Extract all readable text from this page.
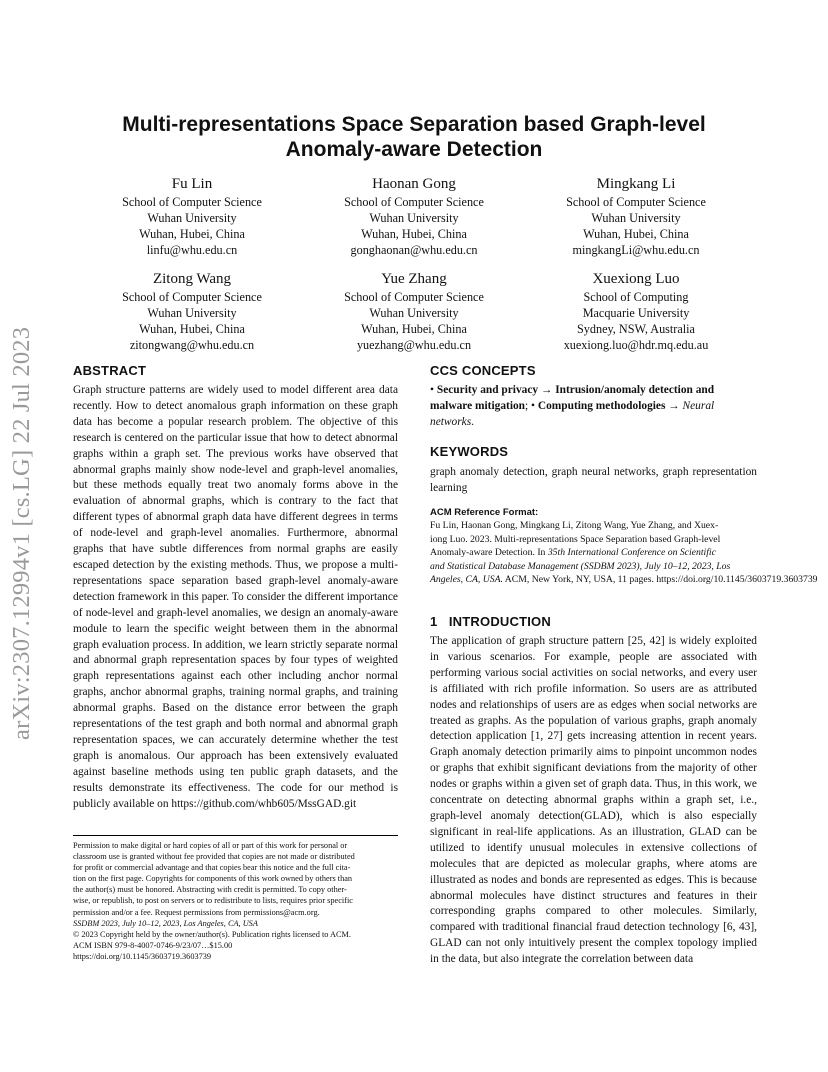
arXiv:2307.12994v1 [cs.LG] 22 Jul 2023
Multi-representations Space Separation based Graph-level
Anomaly-aware Detection
Fu Lin
School of Computer Science
Wuhan University
Wuhan, Hubei, China
linfu@whu.edu.cn
Haonan Gong
School of Computer Science
Wuhan University
Wuhan, Hubei, China
gonghaonan@whu.edu.cn
Mingkang Li
School of Computer Science
Wuhan University
Wuhan, Hubei, China
mingkangLi@whu.edu.cn
Zitong Wang
School of Computer Science
Wuhan University
Wuhan, Hubei, China
zitongwang@whu.edu.cn
Yue Zhang
School of Computer Science
Wuhan University
Wuhan, Hubei, China
yuezhang@whu.edu.cn
Xuexiong Luo
School of Computing
Macquarie University
Sydney, NSW, Australia
xuexiong.luo@hdr.mq.edu.au
ABSTRACT

Graph structure patterns are widely used to model different area data recently. How to detect anomalous graph information on these graph data has become a popular research problem. The objective of this research is centered on the particular issue that how to detect abnormal graphs within a graph set. The previous works have observed that abnormal graphs mainly show node-level and graph-level anomalies, but these methods equally treat two anomaly forms above in the evaluation of abnormal graphs, which is contrary to the fact that different types of abnormal graph data have different degrees in terms of node-level and graph-level anomalies. Furthermore, abnormal graphs that have subtle differences from normal graphs are easily escaped detection by the existing methods. Thus, we propose a multi-representations space separation based graph-level anomaly-aware detection framework in this paper. To consider the different importance of node-level and graph-level anomalies, we design an anomaly-aware module to learn the specific weight between them in the abnormal graph evaluation process. In addition, we learn strictly separate normal and abnormal graph representation spaces by four types of weighted graph representations against each other including anchor normal graphs, anchor abnormal graphs, training normal graphs, and training abnormal graphs. Based on the distance error between the graph representations of the test graph and both normal and abnormal graph representation spaces, we can accurately determine whether the test graph is anomalous. Our approach has been extensively evaluated against baseline methods using ten public graph datasets, and the results demonstrate its effectiveness. The code for our method is publicly available on https://github.com/whb605/MssGAD.git

Permission to make digital or hard copies of all or part of this work for personal or
classroom use is granted without fee provided that copies are not made or distributed
for profit or commercial advantage and that copies bear this notice and the full cita-
tion on the first page. Copyrights for components of this work owned by others than
the author(s) must be honored. Abstracting with credit is permitted. To copy other-
wise, or republish, to post on servers or to redistribute to lists, requires prior specific
permission and/or a fee. Request permissions from permissions@acm.org.
SSDBM 2023, July 10–12, 2023, Los Angeles, CA, USA
© 2023 Copyright held by the owner/author(s). Publication rights licensed to ACM.
ACM ISBN 979-8-4007-0746-9/23/07…$15.00
https://doi.org/10.1145/3603719.3603739

CCS CONCEPTS

• Security and privacy → Intrusion/anomaly detection and malware mitigation; • Computing methodologies → Neural networks.

KEYWORDS

graph anomaly detection, graph neural networks, graph representation learning

ACM Reference Format:

Fu Lin, Haonan Gong, Mingkang Li, Zitong Wang, Yue Zhang, and Xuex-
iong Luo. 2023. Multi-representations Space Separation based Graph-level
Anomaly-aware Detection. In 35th International Conference on Scientific
and Statistical Database Management (SSDBM 2023), July 10–12, 2023, Los
Angeles, CA, USA. ACM, New York, NY, USA, 11 pages. https://doi.org/10.1145/3603719.3603739

1 INTRODUCTION

The application of graph structure pattern [25, 42] is widely exploited in various scenarios. For example, people are associated with performing various social activities on social networks, and every user is affiliated with rich profile information. So users are as attributed nodes and relationships of users are as edges when social networks are treated as graphs. As the population of various graphs, graph anomaly detection application [1, 27] gets increasing attention in recent years. Graph anomaly detection primarily aims to pinpoint uncommon nodes or graphs that exhibit significant deviations from the majority of other nodes or graphs within a given set of graph data. Thus, in this work, we concentrate on detecting abnormal graphs within a graph set, i.e., graph-level anomaly detection(GLAD), which is also especially significant in real-life applications. As an illustration, GLAD can be utilized to identify unusual molecules in extensive collections of molecules that are depicted as molecular graphs, where atoms are illustrated as nodes and bonds are represented as edges. This is because abnormal molecules have distinct structures and features in their corresponding graphs compared to other molecules. Similarly, compared with traditional financial fraud detection technology [6, 43], GLAD can not only intuitively present the complex topology implied in the data, but also integrate the correlation between data
